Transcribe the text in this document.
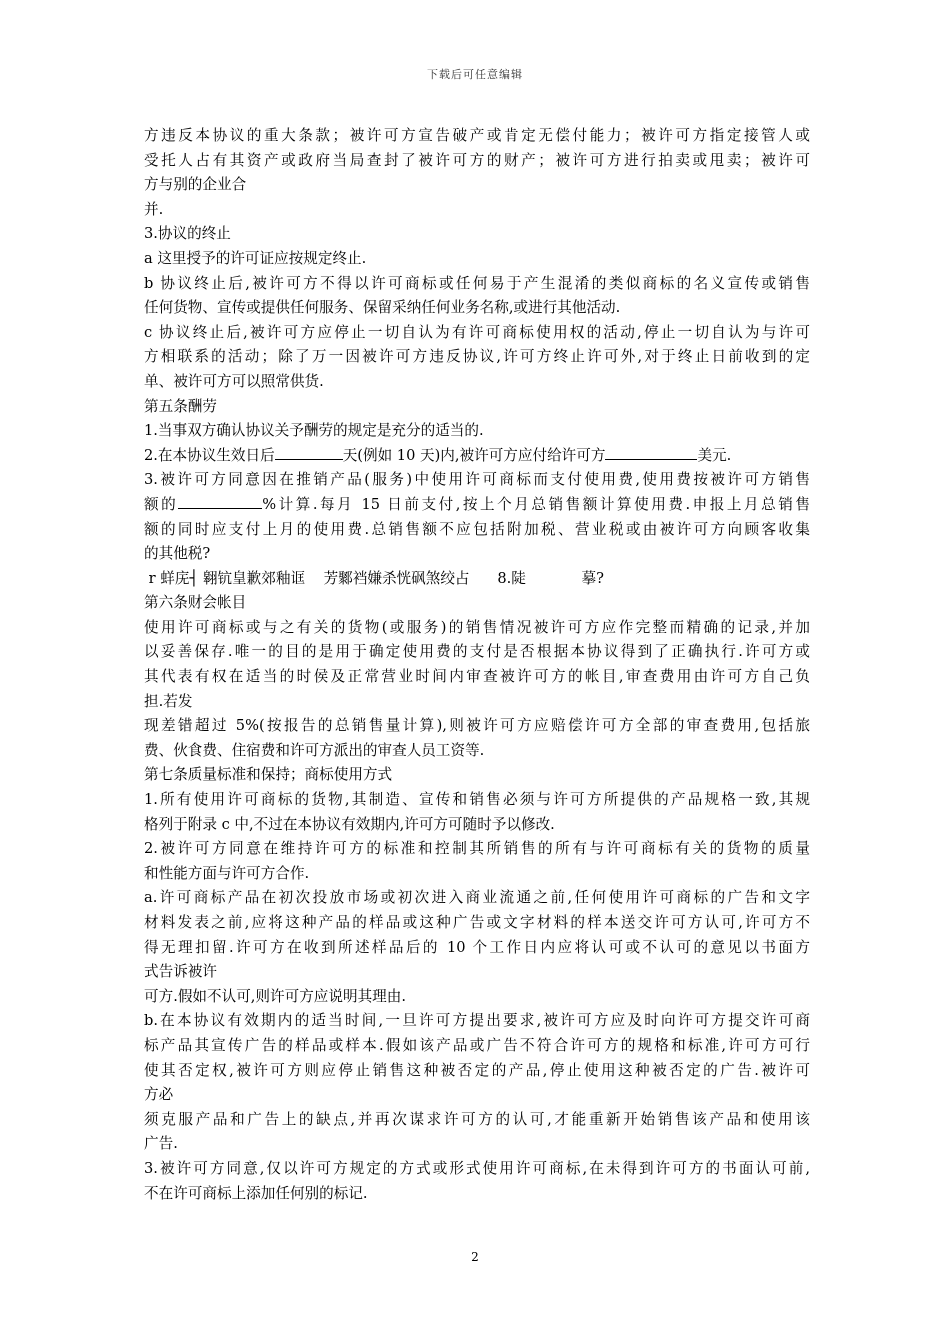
下载后可任意编辑
方违反本协议的重大条款；被许可方宣告破产或肯定无偿付能力；被许可方指定接管人或
受托人占有其资产或政府当局查封了被许可方的财产；被许可方进行拍卖或甩卖；被许可
方与别的企业合
并.
3.协议的终止
a 这里授予的许可证应按规定终止.
b 协议终止后,被许可方不得以许可商标或任何易于产生混淆的类似商标的名义宣传或销售
任何货物、宣传或提供任何服务、保留采纳任何业务名称,或进行其他活动.
c 协议终止后,被许可方应停止一切自认为有许可商标使用权的活动,停止一切自认为与许可
方相联系的活动；除了万一因被许可方违反协议,许可方终止许可外,对于终止日前收到的定
单、被许可方可以照常供货.
第五条酬劳
1.当事双方确认协议关予酬劳的规定是充分的适当的.
2.在本协议生效日后	天(例如 10 天)内,被许可方应付给许可方	美元.
3.被许可方同意因在推销产品(服务)中使用许可商标而支付使用费,使用费按被许可方销售
额的	%计算.每月 15 日前支付,按上个月总销售额计算使用费.申报上月总销售
额的同时应支付上月的使用费.总销售额不应包括附加税、营业税或由被许可方向顾客收集
的其他税?
r 蛘庑┤ 翱钪皇歉郊釉诓    芳鄹裆嫌杀恍砜煞绞占      8.陡            摹?
第六条财会帐目
使用许可商标或与之有关的货物(或服务)的销售情况被许可方应作完整而精确的记录,并加
以妥善保存.唯一的目的是用于确定使用费的支付是否根据本协议得到了正确执行.许可方或
其代表有权在适当的时侯及正常营业时间内审查被许可方的帐目,审查费用由许可方自己负
担.若发
现差错超过 5%(按报告的总销售量计算),则被许可方应赔偿许可方全部的审查费用,包括旅
费、伙食费、住宿费和许可方派出的审查人员工资等.
第七条质量标准和保持；商标使用方式
1.所有使用许可商标的货物,其制造、宣传和销售必须与许可方所提供的产品规格一致,其规
格列于附录 c 中,不过在本协议有效期内,许可方可随时予以修改.
2.被许可方同意在维持许可方的标准和控制其所销售的所有与许可商标有关的货物的质量
和性能方面与许可方合作.
a.许可商标产品在初次投放市场或初次进入商业流通之前,任何使用许可商标的广告和文字
材料发表之前,应将这种产品的样品或这种广告或文字材料的样本送交许可方认可,许可方不
得无理扣留.许可方在收到所述样品后的 10 个工作日内应将认可或不认可的意见以书面方
式告诉被许
可方.假如不认可,则许可方应说明其理由.
b.在本协议有效期内的适当时间,一旦许可方提出要求,被许可方应及时向许可方提交许可商
标产品其宣传广告的样品或样本.假如该产品或广告不符合许可方的规格和标准,许可方可行
使其否定权,被许可方则应停止销售这种被否定的产品,停止使用这种被否定的广告.被许可
方必
须克服产品和广告上的缺点,并再次谋求许可方的认可,才能重新开始销售该产品和使用该
广告.
3.被许可方同意,仅以许可方规定的方式或形式使用许可商标,在未得到许可方的书面认可前,
不在许可商标上添加任何别的标记.
2
